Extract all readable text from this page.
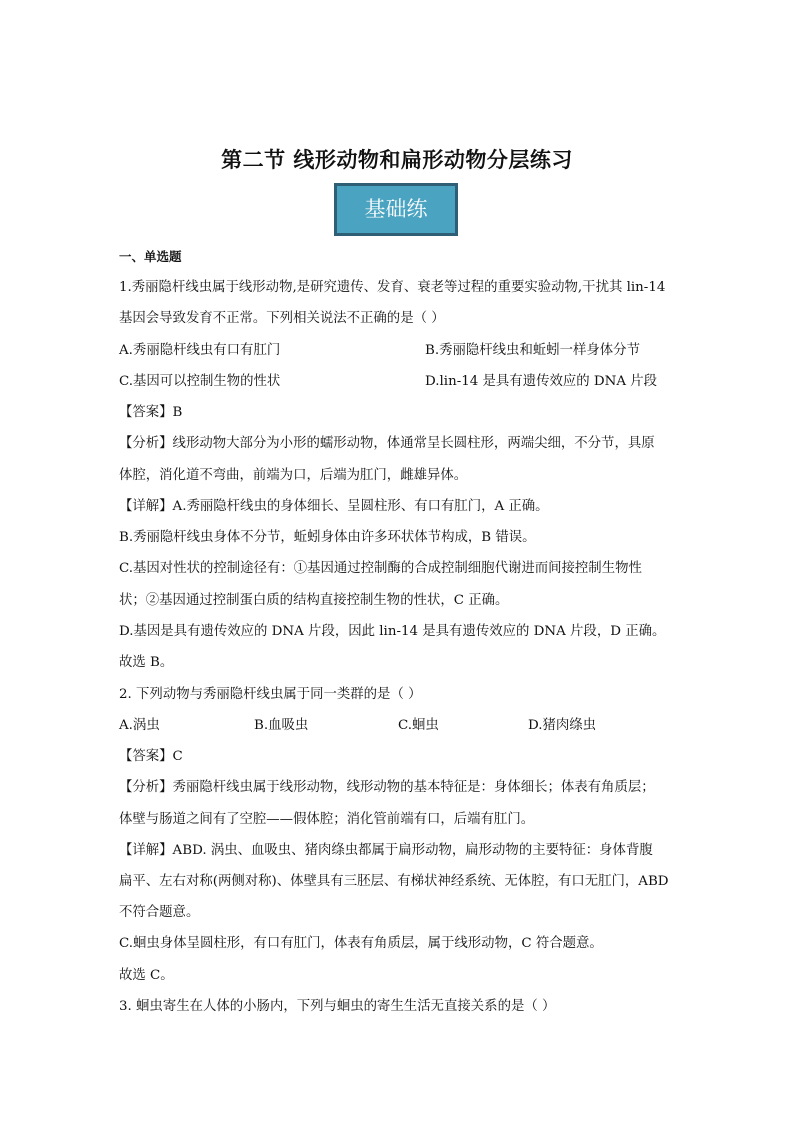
第二节 线形动物和扁形动物分层练习
基础练
一、单选题
1.秀丽隐杆线虫属于线形动物,是研究遗传、发育、衰老等过程的重要实验动物,干扰其 lin-14
基因会导致发育不正常。下列相关说法不正确的是（ ）
A.秀丽隐杆线虫有口有肛门	B.秀丽隐杆线虫和蚯蚓一样身体分节
C.基因可以控制生物的性状	D.lin-14 是具有遗传效应的 DNA 片段
【答案】B
【分析】线形动物大部分为小形的蠕形动物，体通常呈长圆柱形，两端尖细，不分节，具原
体腔，消化道不弯曲，前端为口，后端为肛门，雌雄异体。
【详解】A.秀丽隐杆线虫的身体细长、呈圆柱形、有口有肛门，A 正确。
B.秀丽隐杆线虫身体不分节，蚯蚓身体由许多环状体节构成，B 错误。
C.基因对性状的控制途径有：①基因通过控制酶的合成控制细胞代谢进而间接控制生物性
状；②基因通过控制蛋白质的结构直接控制生物的性状，C 正确。
D.基因是具有遗传效应的 DNA 片段，因此 lin-14 是具有遗传效应的 DNA 片段，D 正确。
故选 B。
2. 下列动物与秀丽隐杆线虫属于同一类群的是（ ）
A.涡虫	B.血吸虫	C.蛔虫	D.猪肉绦虫
【答案】C
【分析】秀丽隐杆线虫属于线形动物，线形动物的基本特征是：身体细长；体表有角质层；
体壁与肠道之间有了空腔——假体腔；消化管前端有口，后端有肛门。
【详解】ABD. 涡虫、血吸虫、猪肉绦虫都属于扁形动物，扁形动物的主要特征：身体背腹
扁平、左右对称(两侧对称)、体壁具有三胚层、有梯状神经系统、无体腔，有口无肛门，ABD
不符合题意。
C.蛔虫身体呈圆柱形，有口有肛门，体表有角质层，属于线形动物，C 符合题意。
故选 C。
3. 蛔虫寄生在人体的小肠内，下列与蛔虫的寄生生活无直接关系的是（ ）
